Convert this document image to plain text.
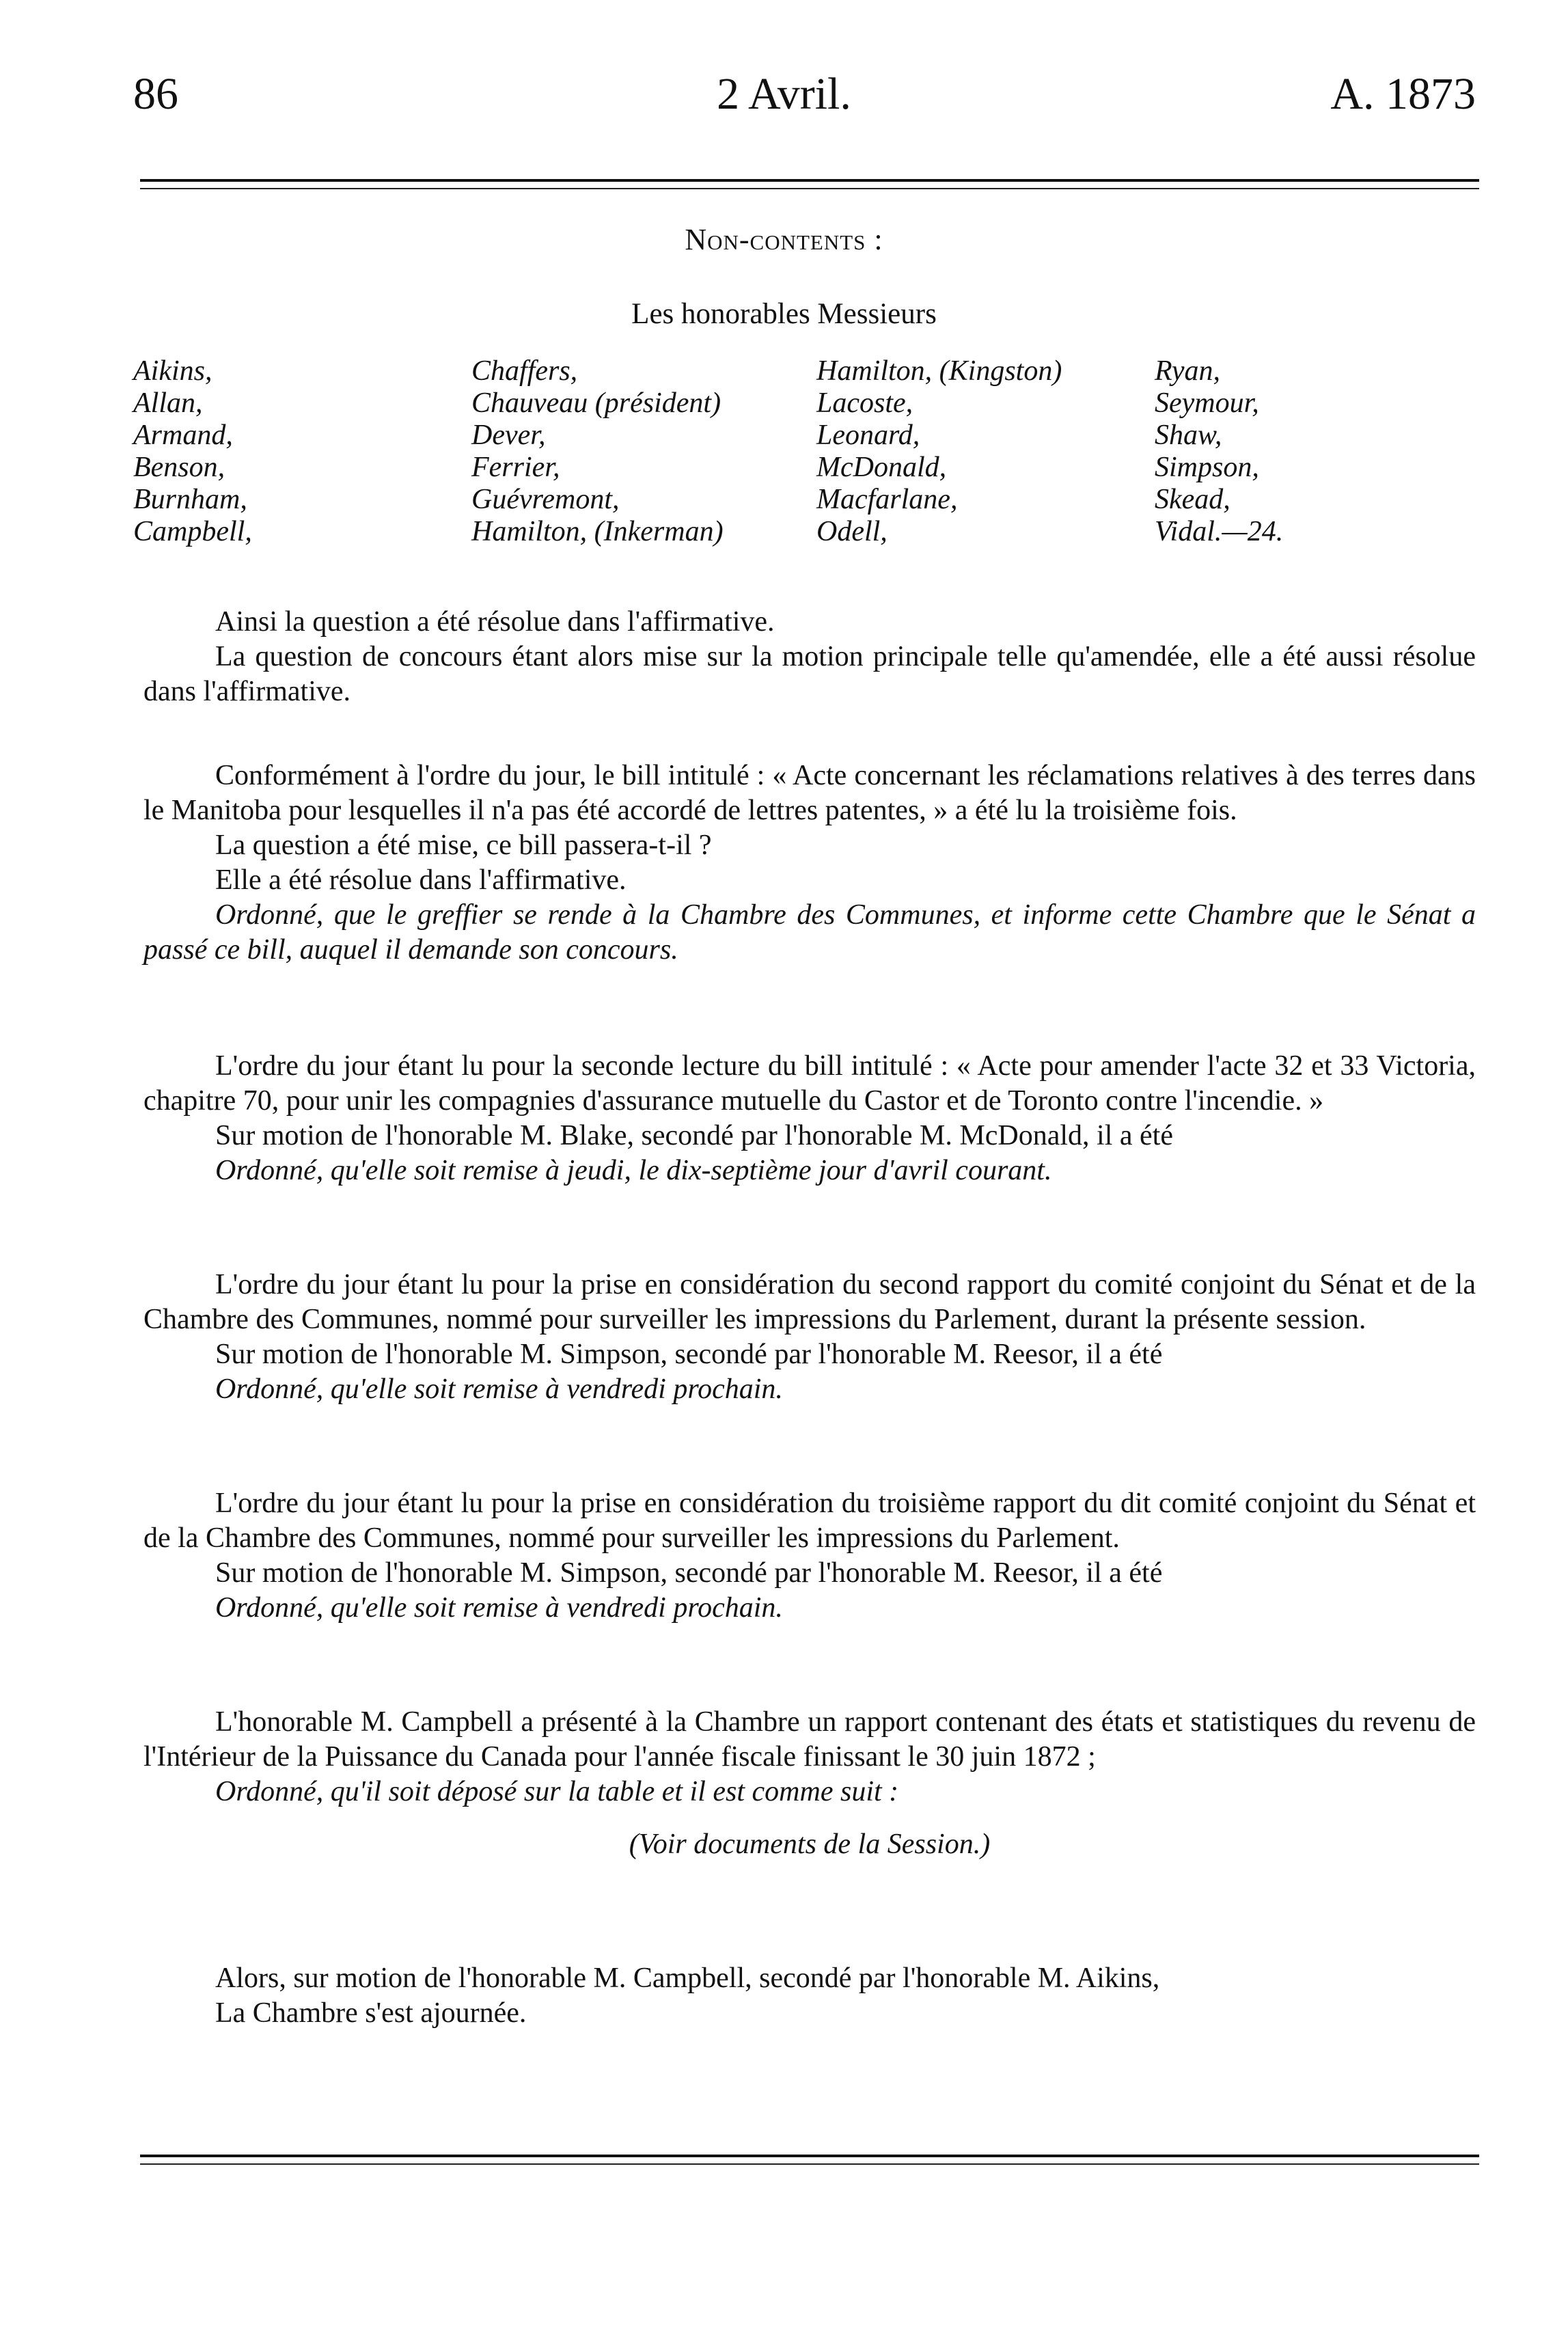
86	2 Avril.	A. 1873
Non-contents :
Les honorables Messieurs
Aikins,
Allan,
Armand,
Benson,
Burnham,
Campbell,
Chaffers,
Chauveau (président)
Dever,
Ferrier,
Guévremont,
Hamilton, (Inkerman)
Hamilton, (Kingston)
Lacoste,
Leonard,
McDonald,
Macfarlane,
Odell,
Ryan,
Seymour,
Shaw,
Simpson,
Skead,
Vidal.—24.

Ainsi la question a été résolue dans l'affirmative.

La question de concours étant alors mise sur la motion principale telle qu'amendée, elle a été aussi résolue dans l'affirmative.

Conformément à l'ordre du jour, le bill intitulé : « Acte concernant les réclamations relatives à des terres dans le Manitoba pour lesquelles il n'a pas été accordé de lettres patentes, » a été lu la troisième fois.

La question a été mise, ce bill passera-t-il ?

Elle a été résolue dans l'affirmative.

Ordonné, que le greffier se rende à la Chambre des Communes, et informe cette Chambre que le Sénat a passé ce bill, auquel il demande son concours.

L'ordre du jour étant lu pour la seconde lecture du bill intitulé : « Acte pour amender l'acte 32 et 33 Victoria, chapitre 70, pour unir les compagnies d'assurance mutuelle du Castor et de Toronto contre l'incendie. »

Sur motion de l'honorable M. Blake, secondé par l'honorable M. McDonald, il a été

Ordonné, qu'elle soit remise à jeudi, le dix-septième jour d'avril courant.

L'ordre du jour étant lu pour la prise en considération du second rapport du comité conjoint du Sénat et de la Chambre des Communes, nommé pour surveiller les impressions du Parlement, durant la présente session.

Sur motion de l'honorable M. Simpson, secondé par l'honorable M. Reesor, il a été

Ordonné, qu'elle soit remise à vendredi prochain.

L'ordre du jour étant lu pour la prise en considération du troisième rapport du dit comité conjoint du Sénat et de la Chambre des Communes, nommé pour surveiller les impressions du Parlement.

Sur motion de l'honorable M. Simpson, secondé par l'honorable M. Reesor, il a été

Ordonné, qu'elle soit remise à vendredi prochain.

L'honorable M. Campbell a présenté à la Chambre un rapport contenant des états et statistiques du revenu de l'Intérieur de la Puissance du Canada pour l'année fiscale finissant le 30 juin 1872 ;

Ordonné, qu'il soit déposé sur la table et il est comme suit :

(Voir documents de la Session.)

Alors, sur motion de l'honorable M. Campbell, secondé par l'honorable M. Aikins,

La Chambre s'est ajournée.
